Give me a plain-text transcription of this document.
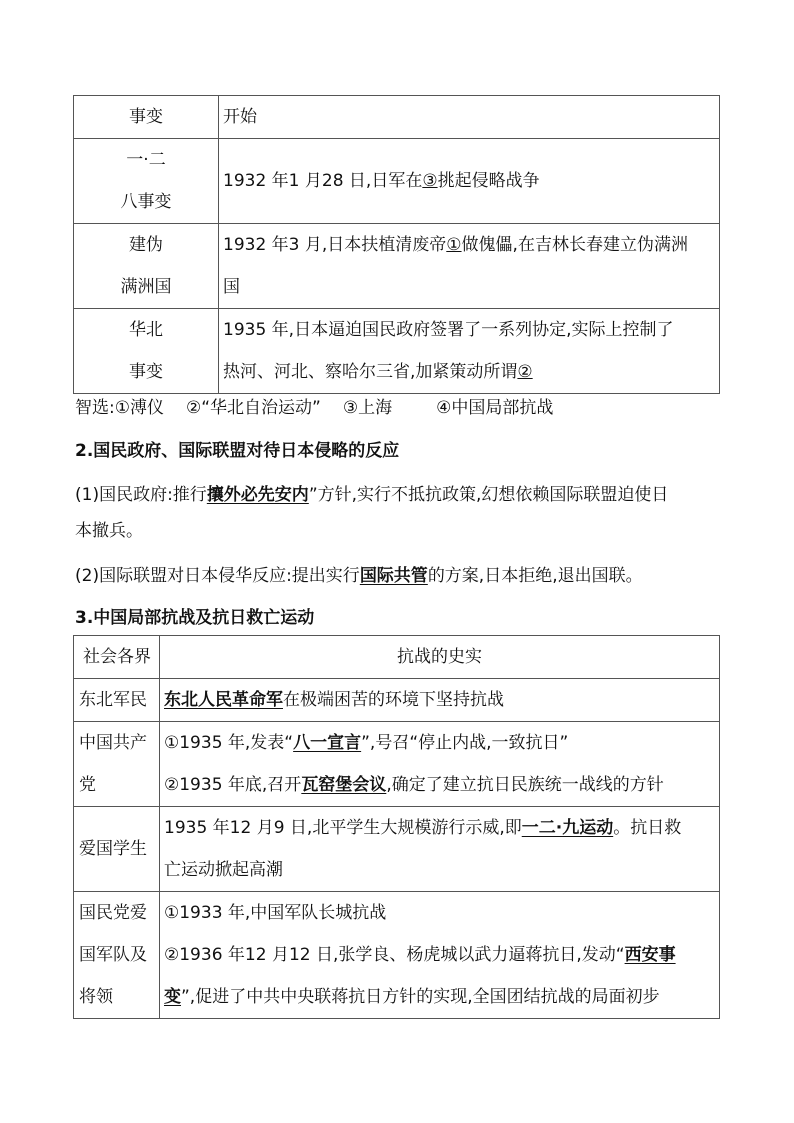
事变	开始

一·二
八事变	1932 年1 月28 日,日军在③挑起侵略战争

建伪
满洲国	1932 年3 月,日本扶植清废帝①做傀儡,在吉林长春建立伪满洲
国

华北
事变	1935 年,日本逼迫国民政府签署了一系列协定,实际上控制了
热河、河北、察哈尔三省,加紧策动所谓②
智选:①溥仪 ②“华北自治运动” ③上海	④中国局部抗战
2.国民政府、国际联盟对待日本侵略的反应
(1)国民政府:推行攘外必先安内”方针,实行不抵抗政策,幻想依赖国际联盟迫使日
本撤兵。
(2)国际联盟对日本侵华反应:提出实行国际共管的方案,日本拒绝,退出国联。
3.中国局部抗战及抗日救亡运动
社会各界	抗战的史实
东北军民	东北人民革命军在极端困苦的环境下坚持抗战

中国共产
党	①1935 年,发表“八一宣言”,号召“停止内战,一致抗日”
②1935 年底,召开瓦窑堡会议,确定了建立抗日民族统一战线的方针

爱国学生	1935 年12 月9 日,北平学生大规模游行示威,即一二·九运动。抗日救
亡运动掀起高潮

国民党爱
国军队及
将领	①1933 年,中国军队长城抗战
②1936 年12 月12 日,张学良、杨虎城以武力逼蒋抗日,发动“西安事
变”,促进了中共中央联蒋抗日方针的实现,全国团结抗战的局面初步
